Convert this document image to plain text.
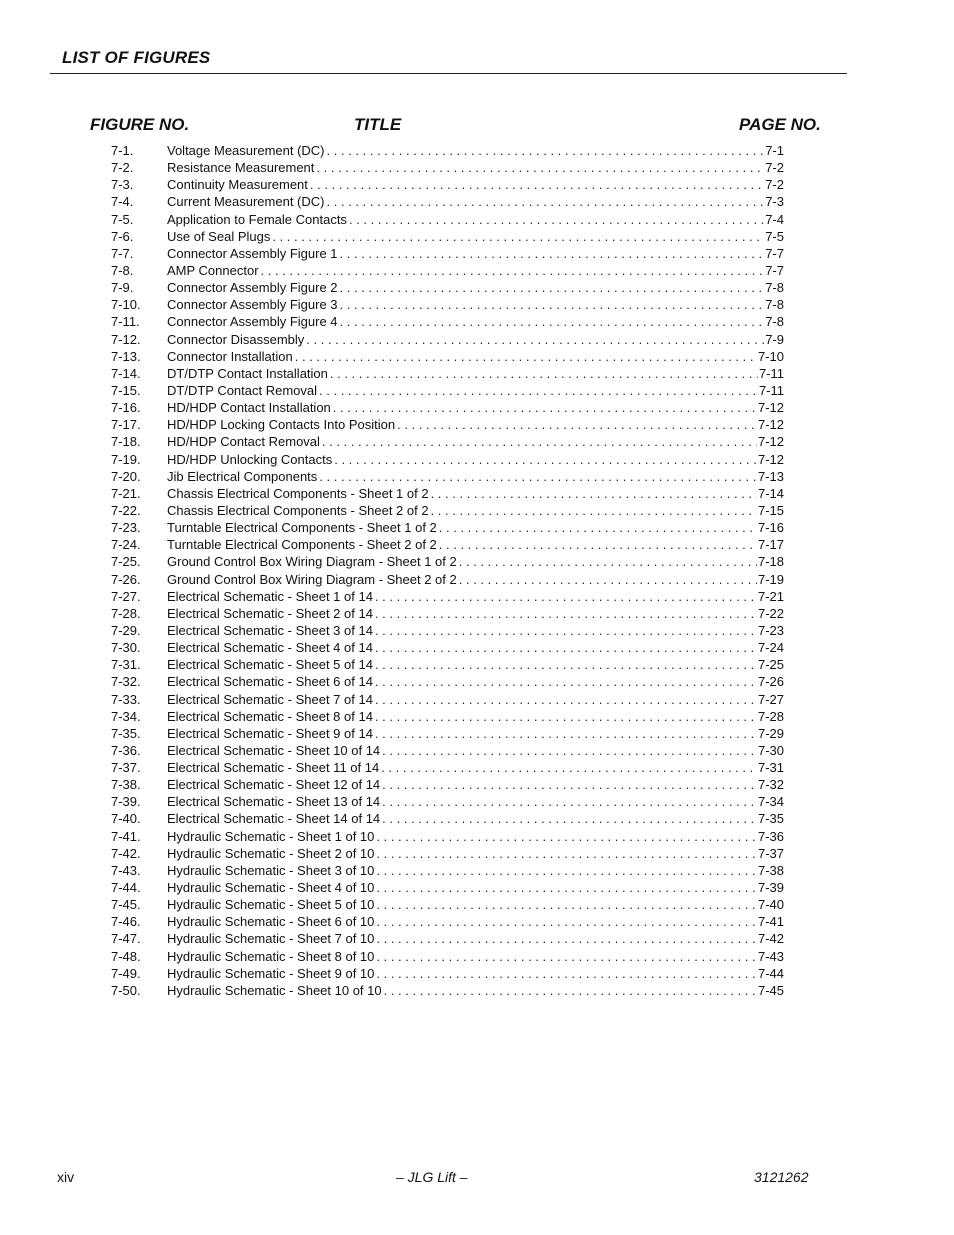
LIST OF FIGURES
FIGURE NO.	TITLE	PAGE NO.
7-1.	Voltage Measurement (DC) . . .	7-1
7-2.	Resistance Measurement . . .	7-2
7-3.	Continuity Measurement . . .	7-2
7-4.	Current Measurement (DC) . . .	7-3
7-5.	Application to Female Contacts . . .	7-4
7-6.	Use of Seal Plugs . . .	7-5
7-7.	Connector Assembly Figure 1 . . .	7-7
7-8.	AMP Connector . . .	7-7
7-9.	Connector Assembly Figure 2 . . .	7-8
7-10. Connector Assembly Figure 3 . . .	7-8
7-11. Connector Assembly Figure 4 . . .	7-8
7-12. Connector Disassembly . . .	7-9
7-13. Connector Installation . . .	7-10
7-14. DT/DTP Contact Installation . . .	7-11
7-15. DT/DTP Contact Removal . . .	7-11
7-16. HD/HDP Contact Installation . . .	7-12
7-17. HD/HDP Locking Contacts Into Position . . .	7-12
7-18. HD/HDP Contact Removal . . .	7-12
7-19. HD/HDP Unlocking Contacts . . .	7-12
7-20. Jib Electrical Components . . .	7-13
7-21. Chassis Electrical Components - Sheet 1 of 2 . . .	7-14
7-22. Chassis Electrical Components - Sheet 2 of 2 . . .	7-15
7-23. Turntable Electrical Components - Sheet 1 of 2 . . .	7-16
7-24. Turntable Electrical Components - Sheet 2 of 2 . . .	7-17
7-25. Ground Control Box Wiring Diagram - Sheet 1 of 2 . . .	7-18
7-26. Ground Control Box Wiring Diagram - Sheet 2 of 2 . . .	7-19
7-27. Electrical Schematic - Sheet 1 of 14 . . .	7-21
7-28. Electrical Schematic - Sheet 2 of 14 . . .	7-22
7-29. Electrical Schematic - Sheet 3 of 14 . . .	7-23
7-30. Electrical Schematic - Sheet 4 of 14 . . .	7-24
7-31. Electrical Schematic - Sheet 5 of 14 . . .	7-25
7-32. Electrical Schematic - Sheet 6 of 14 . . .	7-26
7-33. Electrical Schematic - Sheet 7 of 14 . . .	7-27
7-34. Electrical Schematic - Sheet 8 of 14 . . .	7-28
7-35. Electrical Schematic - Sheet 9 of 14 . . .	7-29
7-36. Electrical Schematic - Sheet 10 of 14 . . .	7-30
7-37. Electrical Schematic - Sheet 11 of 14 . . .	7-31
7-38. Electrical Schematic - Sheet 12 of 14 . . .	7-32
7-39. Electrical Schematic - Sheet 13 of 14 . . .	7-34
7-40. Electrical Schematic - Sheet 14 of 14 . . .	7-35
7-41. Hydraulic Schematic - Sheet 1 of 10 . . .	7-36
7-42. Hydraulic Schematic - Sheet 2 of 10 . . .	7-37
7-43. Hydraulic Schematic - Sheet 3 of 10 . . .	7-38
7-44. Hydraulic Schematic - Sheet 4 of 10 . . .	7-39
7-45. Hydraulic Schematic - Sheet 5 of 10 . . .	7-40
7-46. Hydraulic Schematic - Sheet 6 of 10 . . .	7-41
7-47. Hydraulic Schematic - Sheet 7 of 10 . . .	7-42
7-48. Hydraulic Schematic - Sheet 8 of 10 . . .	7-43
7-49. Hydraulic Schematic - Sheet 9 of 10 . . .	7-44
7-50. Hydraulic Schematic - Sheet 10 of 10 . . .	7-45
xiv	– JLG Lift –	3121262
